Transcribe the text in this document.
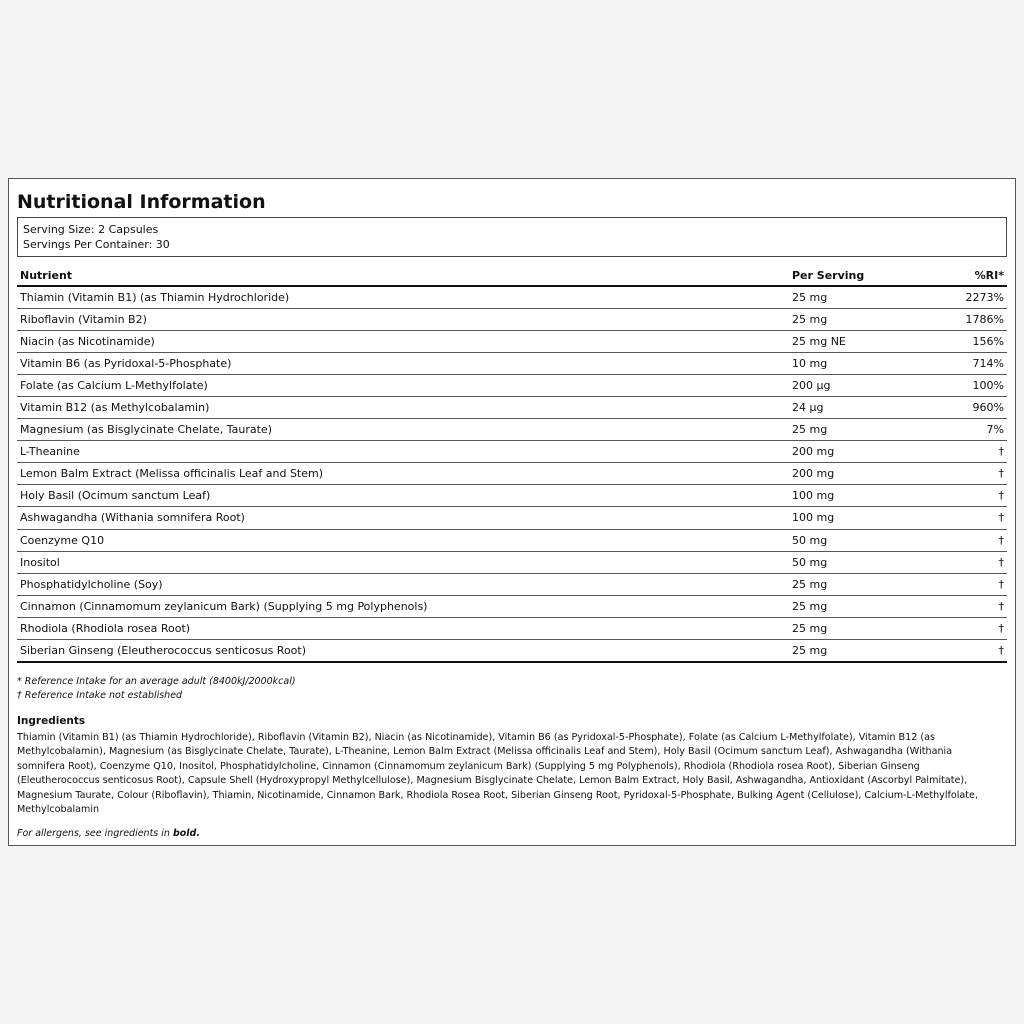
Nutritional Information
Serving Size: 2 Capsules
Servings Per Container: 30
Nutrient	Per Serving	%RI*
Thiamin (Vitamin B1) (as Thiamin Hydrochloride)	25 mg	2273%
Riboflavin (Vitamin B2)	25 mg	1786%
Niacin (as Nicotinamide)	25 mg NE	156%
Vitamin B6 (as Pyridoxal-5-Phosphate)	10 mg	714%
Folate (as Calcium L-Methylfolate)	200 µg	100%
Vitamin B12 (as Methylcobalamin)	24 µg	960%
Magnesium (as Bisglycinate Chelate, Taurate)	25 mg	7%
L-Theanine	200 mg	†
Lemon Balm Extract (Melissa officinalis Leaf and Stem)	200 mg	†
Holy Basil (Ocimum sanctum Leaf)	100 mg	†
Ashwagandha (Withania somnifera Root)	100 mg	†
Coenzyme Q10	50 mg	†
Inositol	50 mg	†
Phosphatidylcholine (Soy)	25 mg	†
Cinnamon (Cinnamomum zeylanicum Bark) (Supplying 5 mg Polyphenols)	25 mg	†
Rhodiola (Rhodiola rosea Root)	25 mg	†
Siberian Ginseng (Eleutherococcus senticosus Root)	25 mg	†
* Reference Intake for an average adult (8400kJ/2000kcal)
† Reference Intake not established
Ingredients
Thiamin (Vitamin B1) (as Thiamin Hydrochloride), Riboflavin (Vitamin B2), Niacin (as Nicotinamide), Vitamin B6 (as Pyridoxal-5-Phosphate), Folate (as Calcium L-Methylfolate), Vitamin B12 (as Methylcobalamin), Magnesium (as Bisglycinate Chelate, Taurate), L-Theanine, Lemon Balm Extract (Melissa officinalis Leaf and Stem), Holy Basil (Ocimum sanctum Leaf), Ashwagandha (Withania somnifera Root), Coenzyme Q10, Inositol, Phosphatidylcholine, Cinnamon (Cinnamomum zeylanicum Bark) (Supplying 5 mg Polyphenols), Rhodiola (Rhodiola rosea Root), Siberian Ginseng (Eleutherococcus senticosus Root), Capsule Shell (Hydroxypropyl Methylcellulose), Magnesium Bisglycinate Chelate, Lemon Balm Extract, Holy Basil, Ashwagandha, Antioxidant (Ascorbyl Palmitate), Magnesium Taurate, Colour (Riboflavin), Thiamin, Nicotinamide, Cinnamon Bark, Rhodiola Rosea Root, Siberian Ginseng Root, Pyridoxal-5-Phosphate, Bulking Agent (Cellulose), Calcium-L-Methylfolate, Methylcobalamin
For allergens, see ingredients in bold.
